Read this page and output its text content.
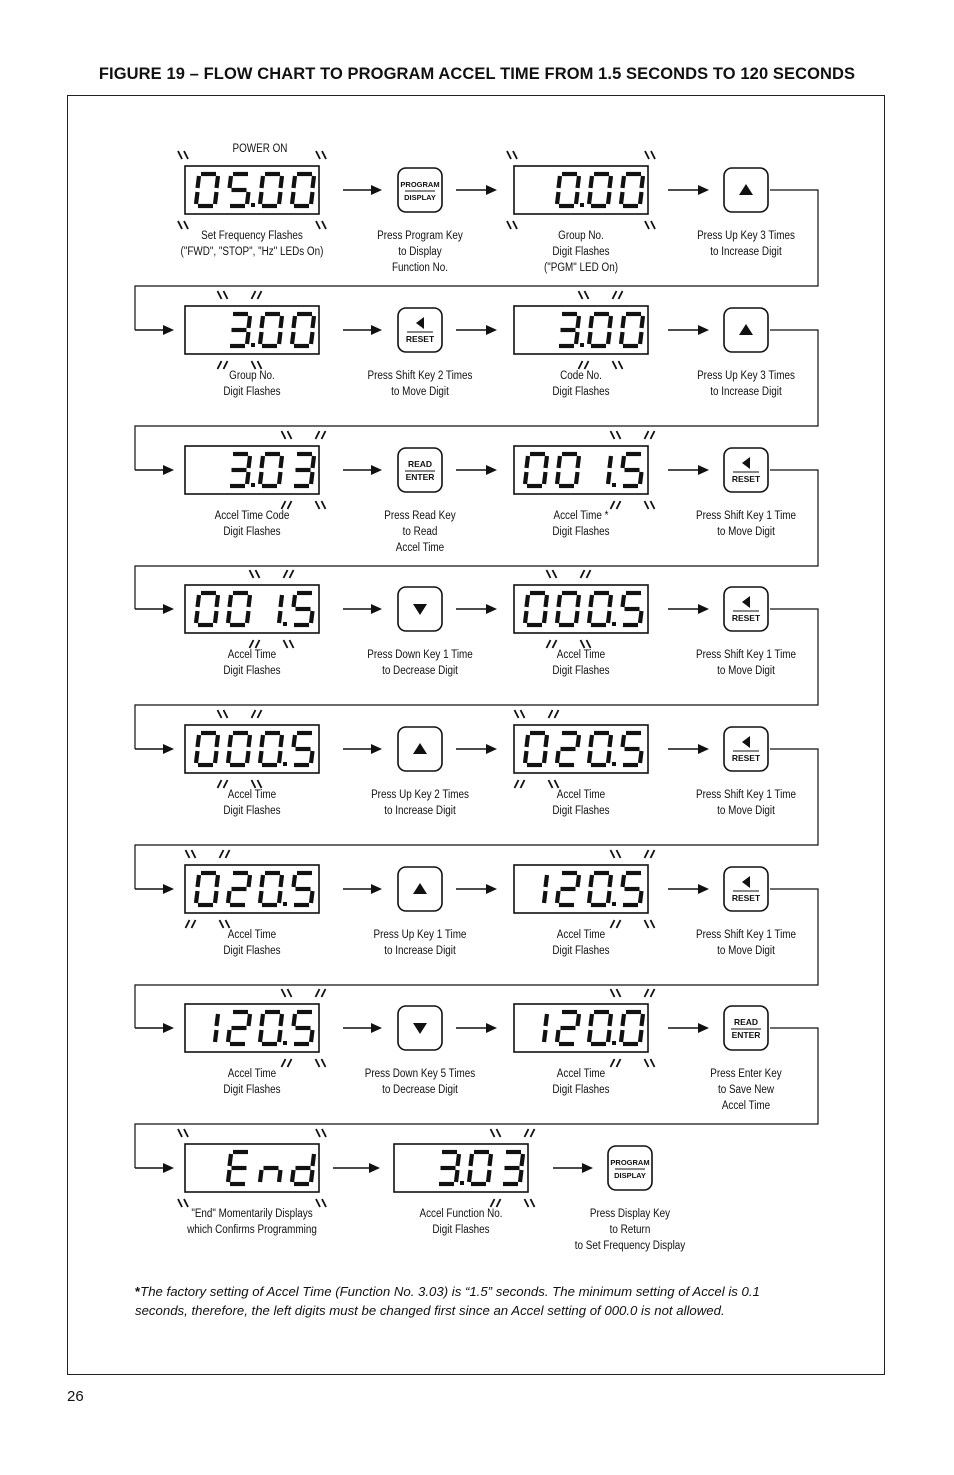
FIGURE 19 – FLOW CHART TO PROGRAM ACCEL TIME FROM 1.5 SECONDS TO 120 SECONDS
PROGRAM
DISPLAY
RESET
READ
ENTER	RESET
RESET
RESET
RESET
READ
ENTER
PROGRAM
DISPLAY
Set Frequency Flashes
("FWD", "STOP", "Hz" LEDs On)
Press Program Key
to Display
Function No.
Group No.
Digit Flashes
("PGM" LED On)
Press Up Key 3 Times
to Increase Digit
Group No.
Digit Flashes
Press Shift Key 2 Times
to Move Digit
Code No.
Digit Flashes
Press Up Key 3 Times
to Increase Digit
Accel Time Code
Digit Flashes
Press Read Key
to Read
Accel Time
Accel Time *
Digit Flashes
Press Shift Key 1 Time
to Move Digit
Accel Time
Digit Flashes
Press Down Key 1 Time
to Decrease Digit
Accel Time
Digit Flashes
Press Shift Key 1 Time
to Move Digit
Accel Time
Digit Flashes
Press Up Key 2 Times
to Increase Digit
Accel Time
Digit Flashes
Press Shift Key 1 Time
to Move Digit
Accel Time
Digit Flashes
Press Up Key 1 Time
to Increase Digit
Accel Time
Digit Flashes
Press Shift Key 1 Time
to Move Digit
Accel Time
Digit Flashes
Press Down Key 5 Times
to Decrease Digit
Accel Time
Digit Flashes
Press Enter Key
to Save New
Accel Time
"End" Momentarily Displays
which Confirms Programming
Accel Function No.
Digit Flashes
Press Display Key
to Return
to Set Frequency Display
POWER ON
*The factory setting of Accel Time (Function No. 3.03) is “1.5” seconds. The minimum setting of Accel is 0.1 seconds, therefore, the left digits must be changed first since an Accel setting of 000.0 is not allowed.
26
